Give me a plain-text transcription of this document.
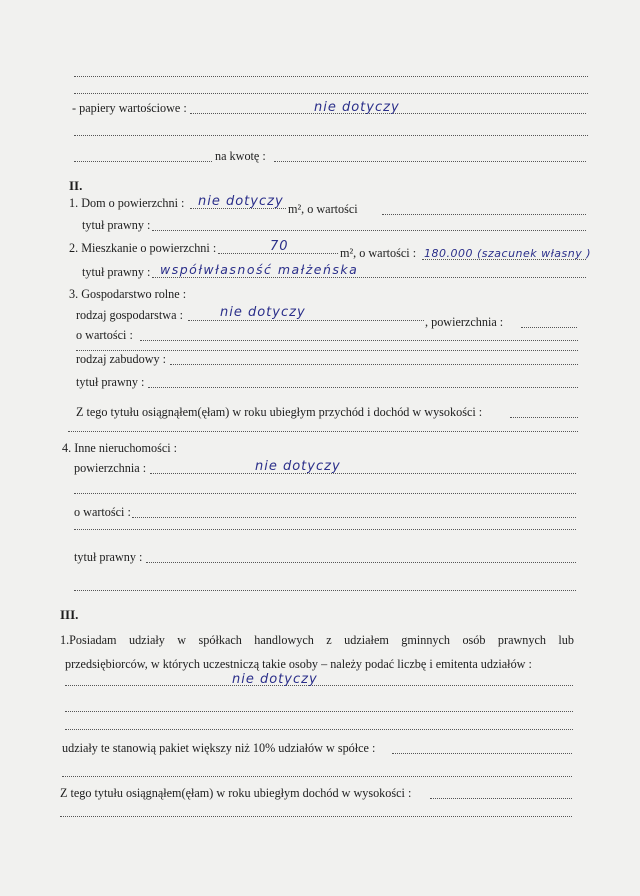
- papiery wartościowe :	nie dotyczy
na kwotę :
II.
1. Dom o powierzchni : nie dotyczy m², o wartości
tytuł prawny :
2. Mieszkanie o powierzchni :	70	m², o wartości : 180.000 (szacunek własny )
tytuł prawny : współwłasność małżeńska
3. Gospodarstwo rolne :
rodzaj gospodarstwa :	nie dotyczy
, powierzchnia :
o wartości :
rodzaj zabudowy :
tytuł prawny :
Z tego tytułu osiągnąłem(ęłam) w roku ubiegłym przychód i dochód w wysokości :
4. Inne nieruchomości :
powierzchnia :	nie dotyczy
o wartości :
tytuł prawny :
III.
1.Posiadam udziały w spółkach handlowych z udziałem gminnych osób prawnych lub
przedsiębiorców, w których uczestniczą takie osoby – należy podać liczbę i emitenta udziałów :
nie dotyczy
udziały te stanowią pakiet większy niż 10% udziałów w spółce :
Z tego tytułu osiągnąłem(ęłam) w roku ubiegłym dochód w wysokości :
